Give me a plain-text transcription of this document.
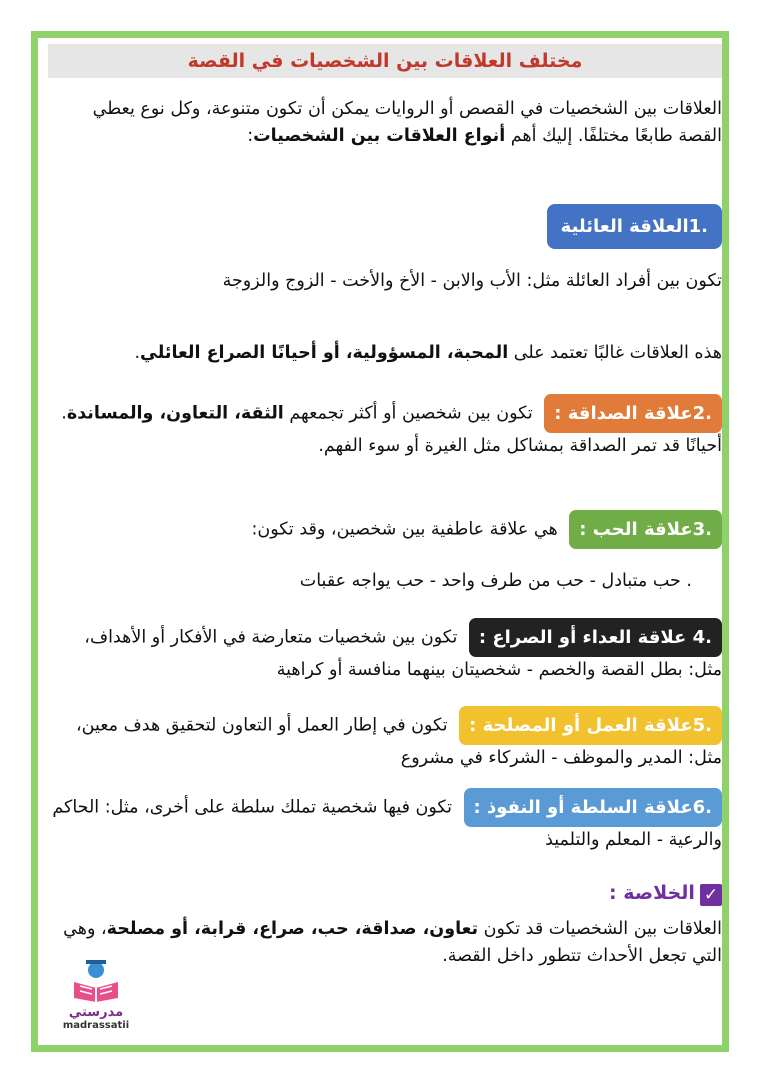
مختلف العلاقات بين الشخصيات في القصة

العلاقات بين الشخصيات في القصص أو الروايات يمكن أن تكون متنوعة، وكل نوع يعطي القصة طابعًا مختلفًا. إليك أهم أنواع العلاقات بين الشخصيات:

.1العلاقة العائلية

تكون بين أفراد العائلة مثل: الأب والابن - الأخ والأخت - الزوج والزوجة

هذه العلاقات غالبًا تعتمد على المحبة، المسؤولية، أو أحيانًا الصراع العائلي.

.2علاقة الصداقة : تكون بين شخصين أو أكثر تجمعهم الثقة، التعاون، والمساندة.

أحيانًا قد تمر الصداقة بمشاكل مثل الغيرة أو سوء الفهم.

.3علاقة الحب : هي علاقة عاطفية بين شخصين، وقد تكون:

. حب متبادل - حب من طرف واحد - حب يواجه عقبات

.4 علاقة العداء أو الصراع : تكون بين شخصيات متعارضة في الأفكار أو الأهداف، مثل: بطل القصة والخصم - شخصيتان بينهما منافسة أو كراهية

.5علاقة العمل أو المصلحة : تكون في إطار العمل أو التعاون لتحقيق هدف معين، مثل: المدير والموظف - الشركاء في مشروع

.6علاقة السلطة أو النفوذ : تكون فيها شخصية تملك سلطة على أخرى، مثل: الحاكم والرعية - المعلم والتلميذ

✓ الخلاصة :

العلاقات بين الشخصيات قد تكون تعاون، صداقة، حب، صراع، قرابة، أو مصلحة، وهي التي تجعل الأحداث تتطور داخل القصة.

مدرستي
madrassatii
